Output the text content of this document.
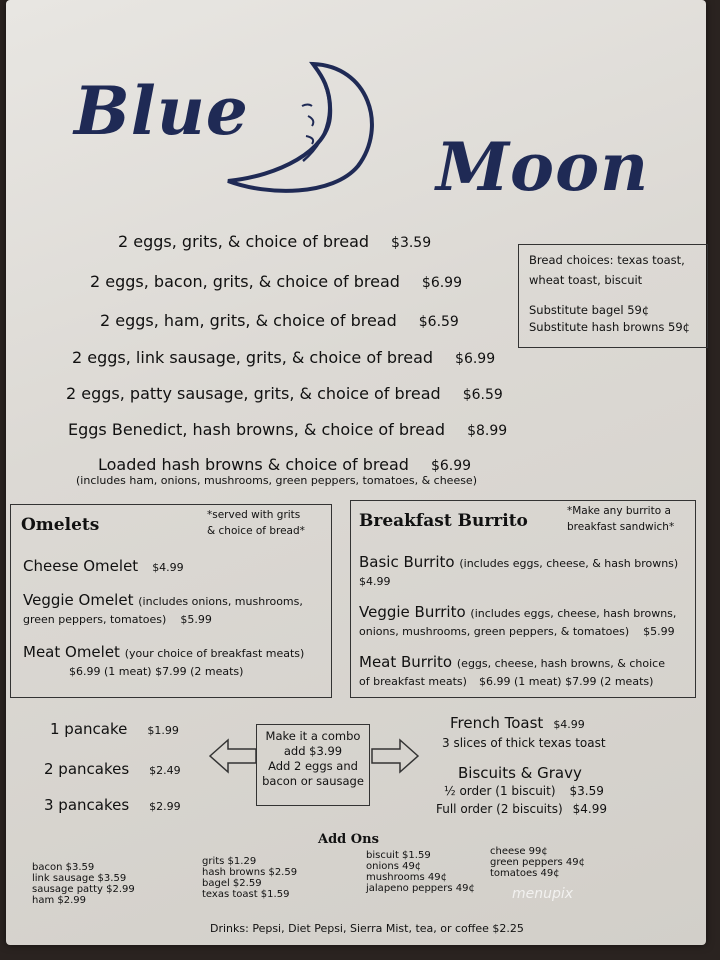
Blue
Moon
2 eggs, grits, & choice of bread $3.59
2 eggs, bacon, grits, & choice of bread $6.99
2 eggs, ham, grits, & choice of bread $6.59
2 eggs, link sausage, grits, & choice of bread $6.99
2 eggs, patty sausage, grits, & choice of bread $6.59
Eggs Benedict, hash browns, & choice of bread $8.99
Loaded hash browns & choice of bread $6.99
(includes ham, onions, mushrooms, green peppers, tomatoes, & cheese)
Bread choices: texas toast,
wheat toast, biscuit
Substitute bagel 59¢
Substitute hash browns 59¢
Omelets	*served with grits
& choice of bread*
Cheese Omelet $4.99
Veggie Omelet (includes onions, mushrooms,
green peppers, tomatoes) $5.99
Meat Omelet (your choice of breakfast meats)
$6.99 (1 meat) $7.99 (2 meats)
Breakfast Burrito	*Make any burrito a
breakfast sandwich*
Basic Burrito (includes eggs, cheese, & hash browns)
$4.99
Veggie Burrito (includes eggs, cheese, hash browns,
onions, mushrooms, green peppers, & tomatoes) $5.99
Meat Burrito (eggs, cheese, hash browns, & choice
of breakfast meats) $6.99 (1 meat) $7.99 (2 meats)
1 pancake $1.99
2 pancakes $2.49
3 pancakes $2.99
Make it a combo
add $3.99
Add 2 eggs and
bacon or sausage
French Toast $4.99
3 slices of thick texas toast
Biscuits & Gravy
½ order (1 biscuit) $3.59
Full order (2 biscuits) $4.99
Add Ons
bacon $3.59
link sausage $3.59
sausage patty $2.99
ham $2.99
grits $1.29
hash browns $2.59
bagel $2.59
texas toast $1.59
biscuit $1.59
onions 49¢
mushrooms 49¢
jalapeno peppers 49¢
cheese 99¢
green peppers 49¢
tomatoes 49¢
menupix
Drinks: Pepsi, Diet Pepsi, Sierra Mist, tea, or coffee $2.25
